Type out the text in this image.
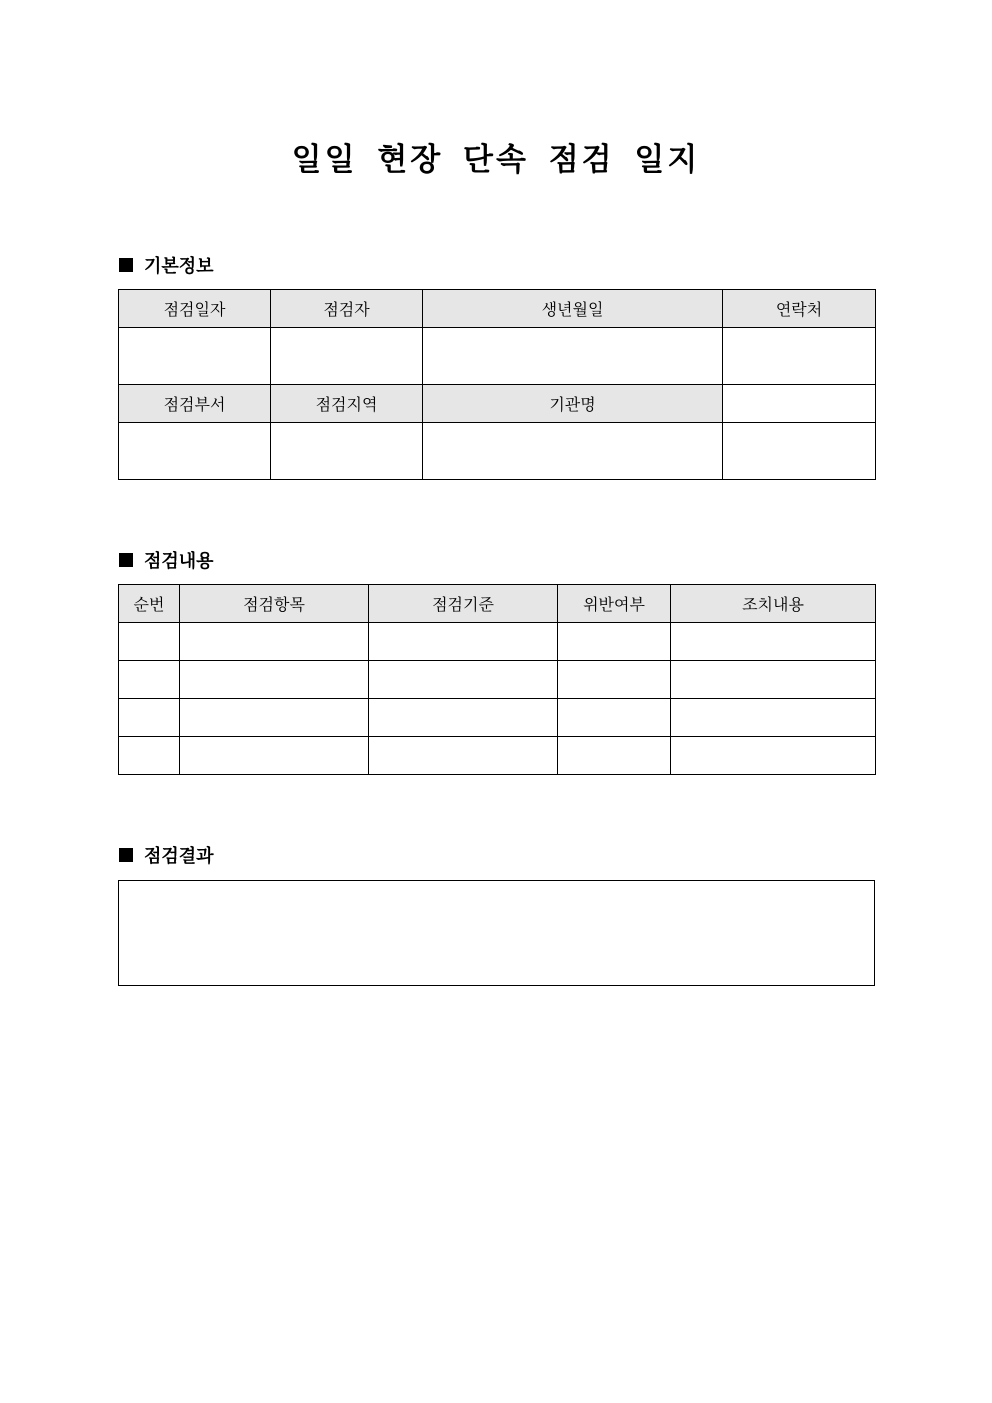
일일 현장 단속 점검 일지
기본정보
점검일자	점검자	생년월일	연락처

점검부서	점검지역	기관명	

점검내용
순번	점검항목	점검기준	위반여부	조치내용

점검결과
